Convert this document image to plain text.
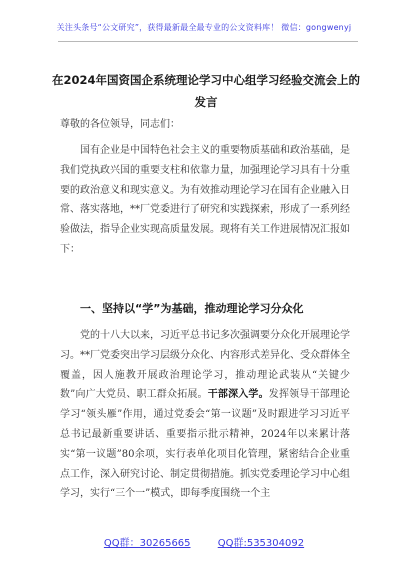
关注头条号“公文研究”，获得最新最全最专业的公文资料库！ 微信：gongwenyj
在2024年国资国企系统理论学习中心组学习经验交流会上的发言
尊敬的各位领导，同志们：
国有企业是中国特色社会主义的重要物质基础和政治基础，是我们党执政兴国的重要支柱和依靠力量，加强理论学习具有十分重要的政治意义和现实意义。为有效推动理论学习在国有企业融入日常、落实落地，**厂党委进行了研究和实践探索，形成了一系列经验做法，指导企业实现高质量发展。现将有关工作进展情况汇报如下：
一、坚持以“学”为基础，推动理论学习分众化
党的十八大以来，习近平总书记多次强调要分众化开展理论学习。**厂党委突出学习层级分众化、内容形式差异化、受众群体全覆盖，因人施教开展政治理论学习，推动理论武装从“关键少数”向广大党员、职工群众拓展。干部深入学。发挥领导干部理论学习“领头雁”作用，通过党委会“第一议题”及时跟进学习习近平总书记最新重要讲话、重要指示批示精神，2024年以来累计落实“第一议题”80余项，实行表单化项目化管理，紧密结合企业重点工作，深入研究讨论、制定贯彻措施。抓实党委理论学习中心组学习，实行“三个一”模式，即每季度围绕一个主
QQ群：30265665	QQ群:535304092
